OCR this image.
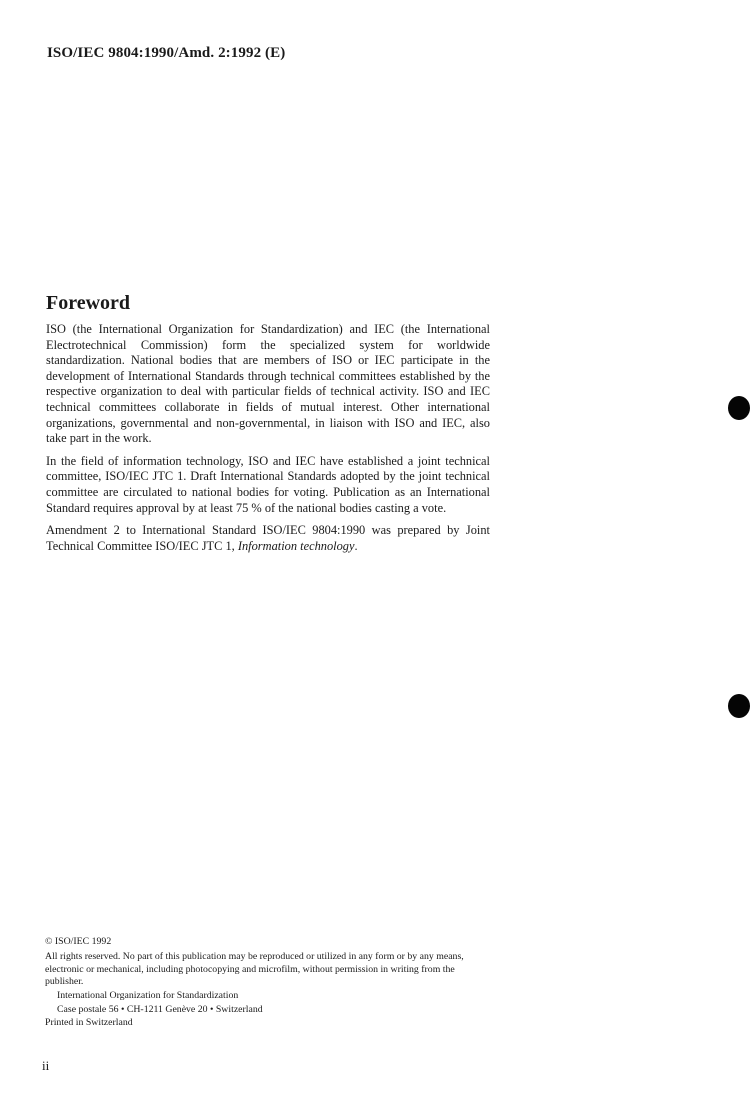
ISO/IEC 9804:1990/Amd. 2:1992 (E)
Foreword

ISO (the International Organization for Standardization) and IEC (the International Electrotechnical Commission) form the specialized system for worldwide standardization. National bodies that are members of ISO or IEC participate in the development of International Standards through technical committees established by the respective organization to deal with particular fields of technical activity. ISO and IEC technical committees collaborate in fields of mutual interest. Other international organizations, governmental and non-governmental, in liaison with ISO and IEC, also take part in the work.

In the field of information technology, ISO and IEC have established a joint technical committee, ISO/IEC JTC 1. Draft International Standards adopted by the joint technical committee are circulated to national bodies for voting. Publication as an International Standard requires approval by at least 75 % of the national bodies casting a vote.

Amendment 2 to International Standard ISO/IEC 9804:1990 was prepared by Joint Technical Committee ISO/IEC JTC 1, Information technology.

© ISO/IEC 1992
All rights reserved. No part of this publication may be reproduced or utilized in any form or by any means, electronic or mechanical, including photocopying and microfilm, without permission in writing from the publisher.
International Organization for Standardization
Case postale 56 • CH-1211 Genève 20 • Switzerland
Printed in Switzerland
ii
